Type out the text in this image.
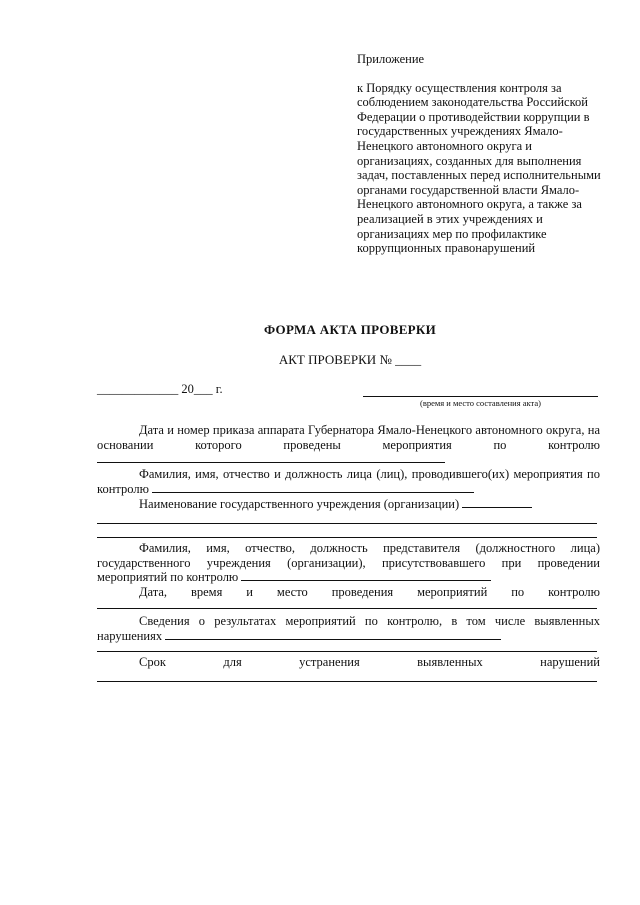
Приложение

к Порядку осуществления контроля за соблюдением законодательства Российской Федерации о противодействии коррупции в государственных учреждениях Ямало-Ненецкого автономного округа и организациях, созданных для выполнения задач, поставленных перед исполнительными органами государственной власти Ямало-Ненецкого автономного округа, а также за реализацией в этих учреждениях и организациях мер по профилактике коррупционных правонарушений

ФОРМА АКТА ПРОВЕРКИ
АКТ ПРОВЕРКИ № ____
_____________ 20___ г.
(время и место составления акта)

Дата и номер приказа аппарата Губернатора Ямало-Ненецкого автономного округа, на основании которого проведены мероприятия по контролю

Фамилия, имя, отчество и должность лица (лиц), проводившего(их) мероприятия по контролю

Наименование государственного учреждения (организации)

Фамилия, имя, отчество, должность представителя (должностного лица) государственного учреждения (организации), присутствовавшего при проведении мероприятий по контролю

Дата, время и место проведения мероприятий по контролю

Сведения о результатах мероприятий по контролю, в том числе выявленных нарушениях

Срок для устранения выявленных нарушений
